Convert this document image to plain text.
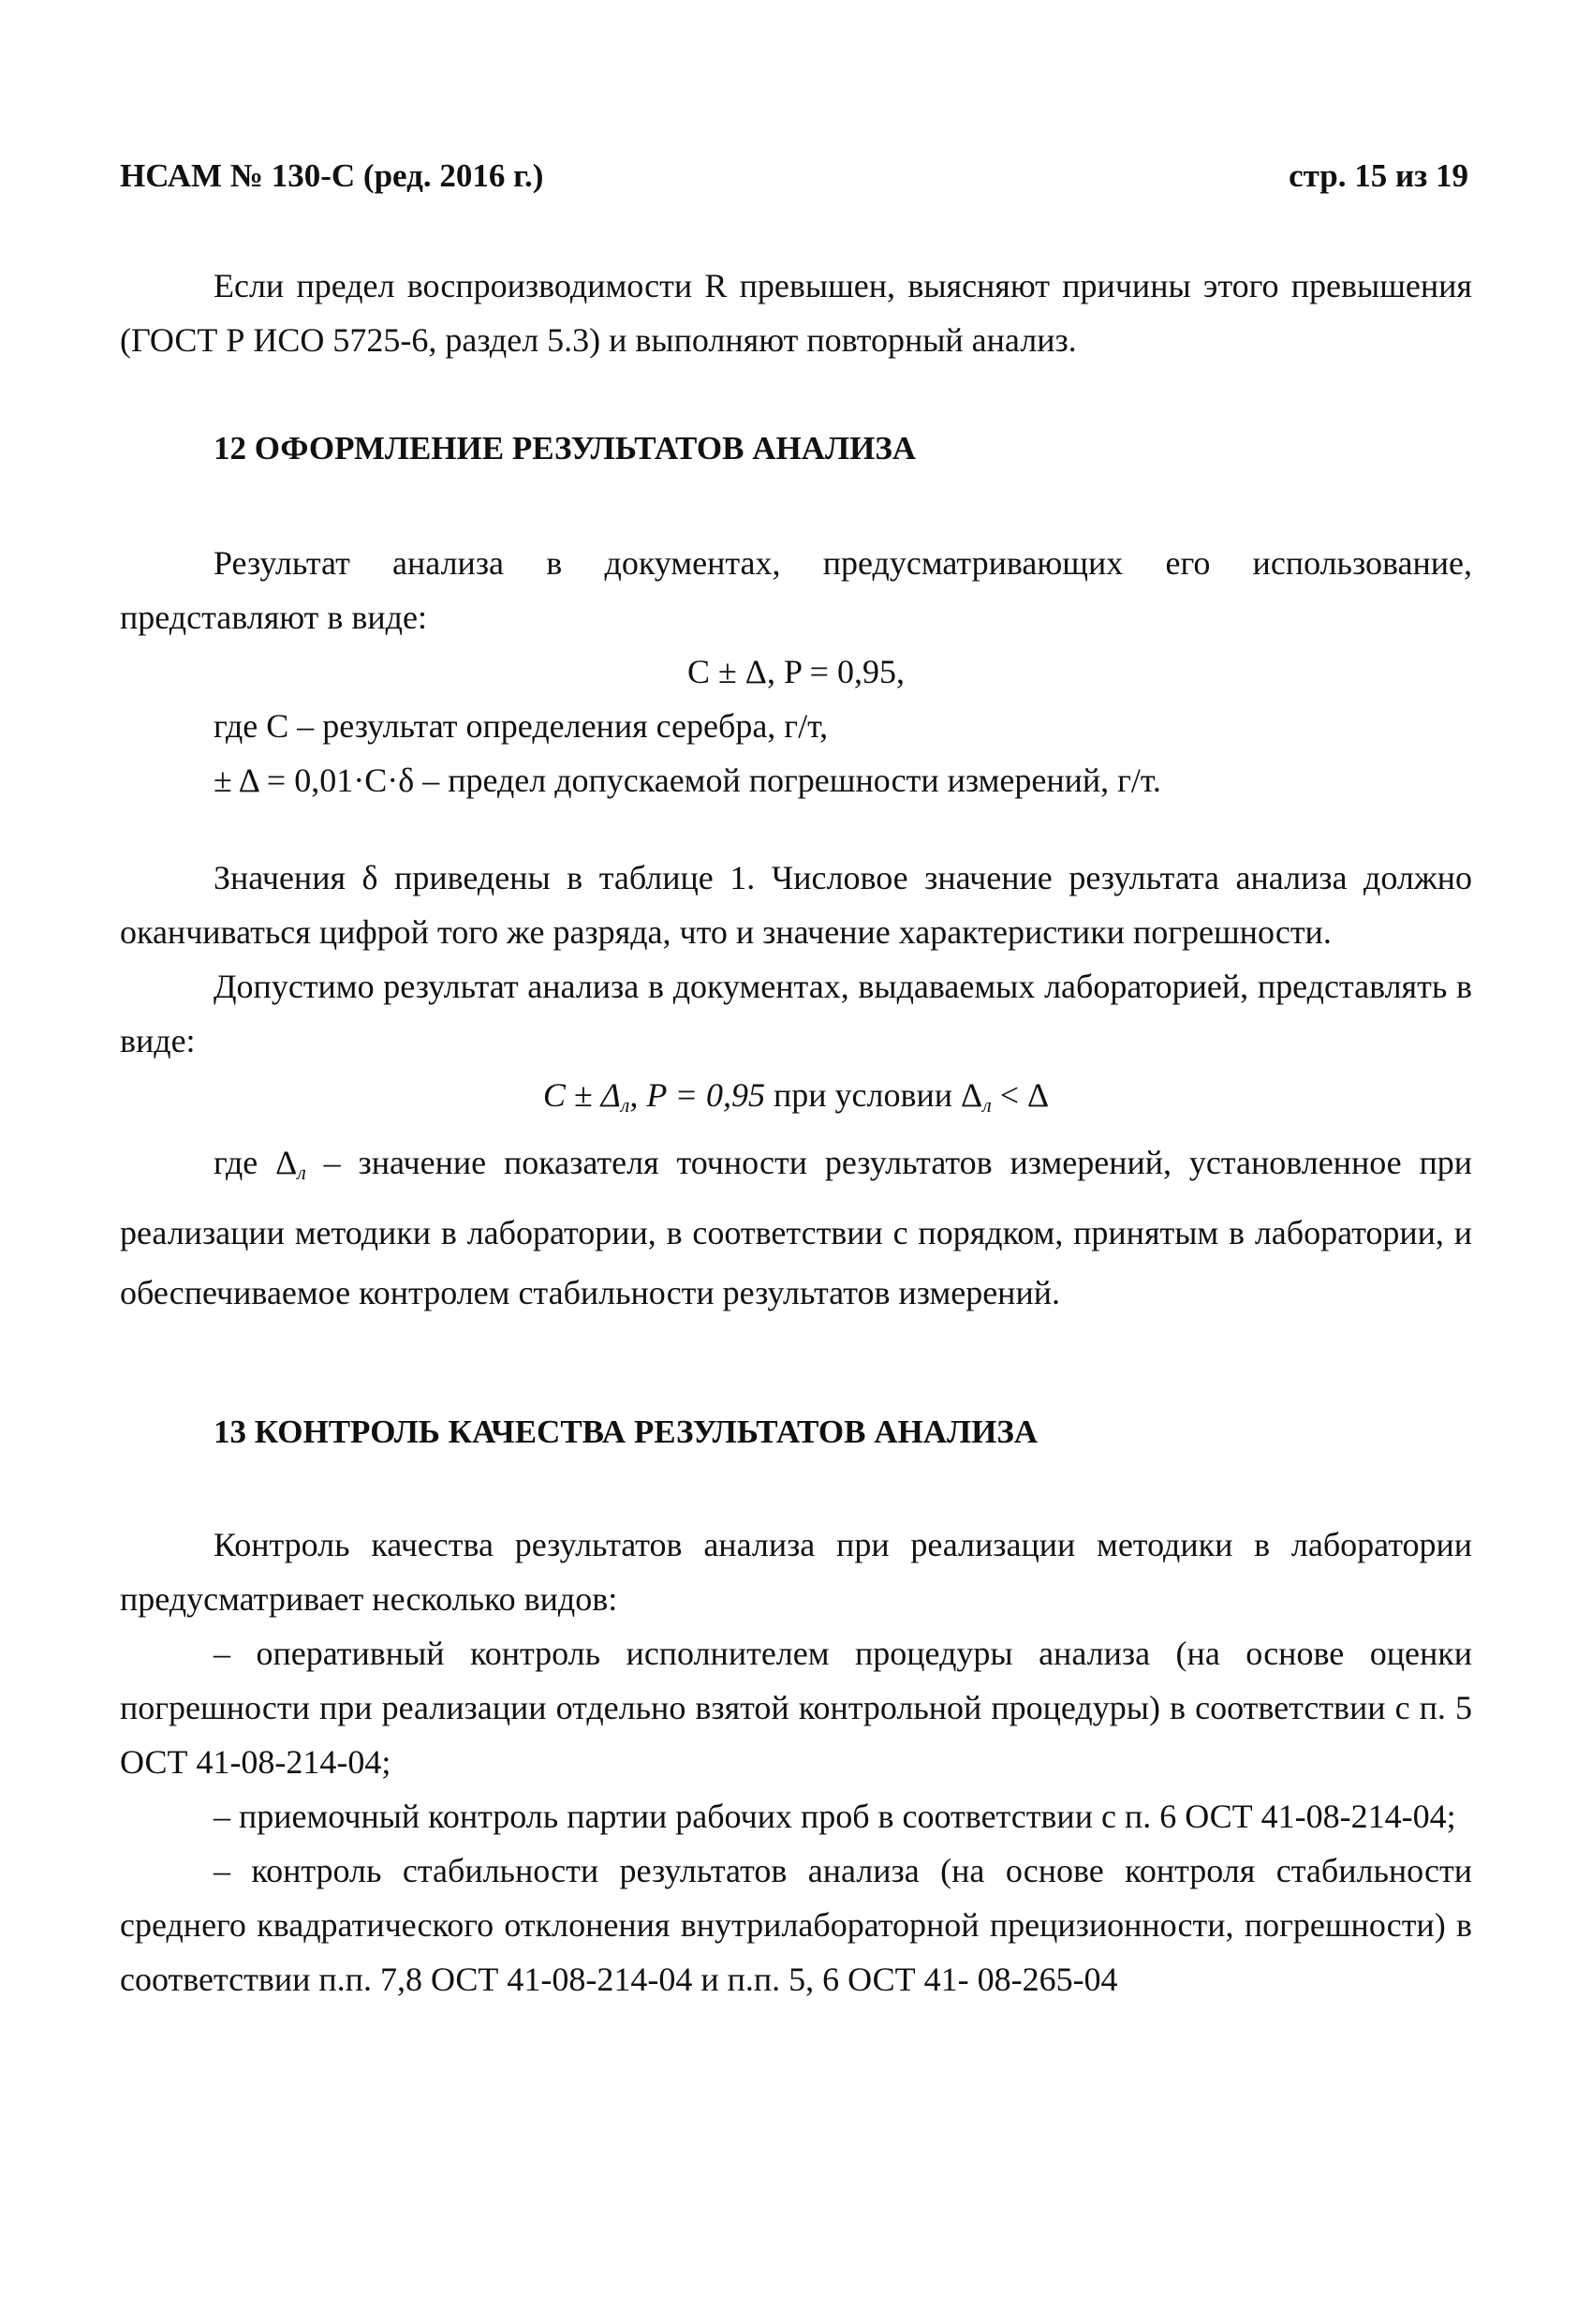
НСАМ № 130-С (ред. 2016 г.)	стр. 15 из 19

Если предел воспроизводимости R превышен, выясняют причины этого превышения (ГОСТ Р ИСО 5725-6, раздел 5.3) и выполняют повторный анализ.

12 ОФОРМЛЕНИЕ РЕЗУЛЬТАТОВ АНАЛИЗА

Результат анализа в документах, предусматривающих его использование, представляют в виде:

С ± Δ, P = 0,95,

где С – результат определения серебра, г/т,

± Δ = 0,01·C·δ – предел допускаемой погрешности измерений, г/т.

Значения δ приведены в таблице 1. Числовое значение результата анализа должно оканчиваться цифрой того же разряда, что и значение характеристики погрешности.

Допустимо результат анализа в документах, выдаваемых лабораторией, представлять в виде:

$C \pm \Delta_л$, P = 0,95 при условии $\Delta_л < \Delta$

где $\Delta_л$ – значение показателя точности результатов измерений, установленное при реализации методики в лаборатории, в соответствии с порядком, принятым в лаборатории, и обеспечиваемое контролем стабильности результатов измерений.

13 КОНТРОЛЬ КАЧЕСТВА РЕЗУЛЬТАТОВ АНАЛИЗА

Контроль качества результатов анализа при реализации методики в лаборатории предусматривает несколько видов:

– оперативный контроль исполнителем процедуры анализа (на основе оценки погрешности при реализации отдельно взятой контрольной процедуры) в соответствии с п. 5 ОСТ 41-08-214-04;

– приемочный контроль партии рабочих проб в соответствии с п. 6 ОСТ 41-08-214-04;

– контроль стабильности результатов анализа (на основе контроля стабильности среднего квадратического отклонения внутрилабораторной прецизионности, погрешности) в соответствии п.п. 7,8 ОСТ 41-08-214-04 и п.п. 5, 6 ОСТ 41- 08-265-04
